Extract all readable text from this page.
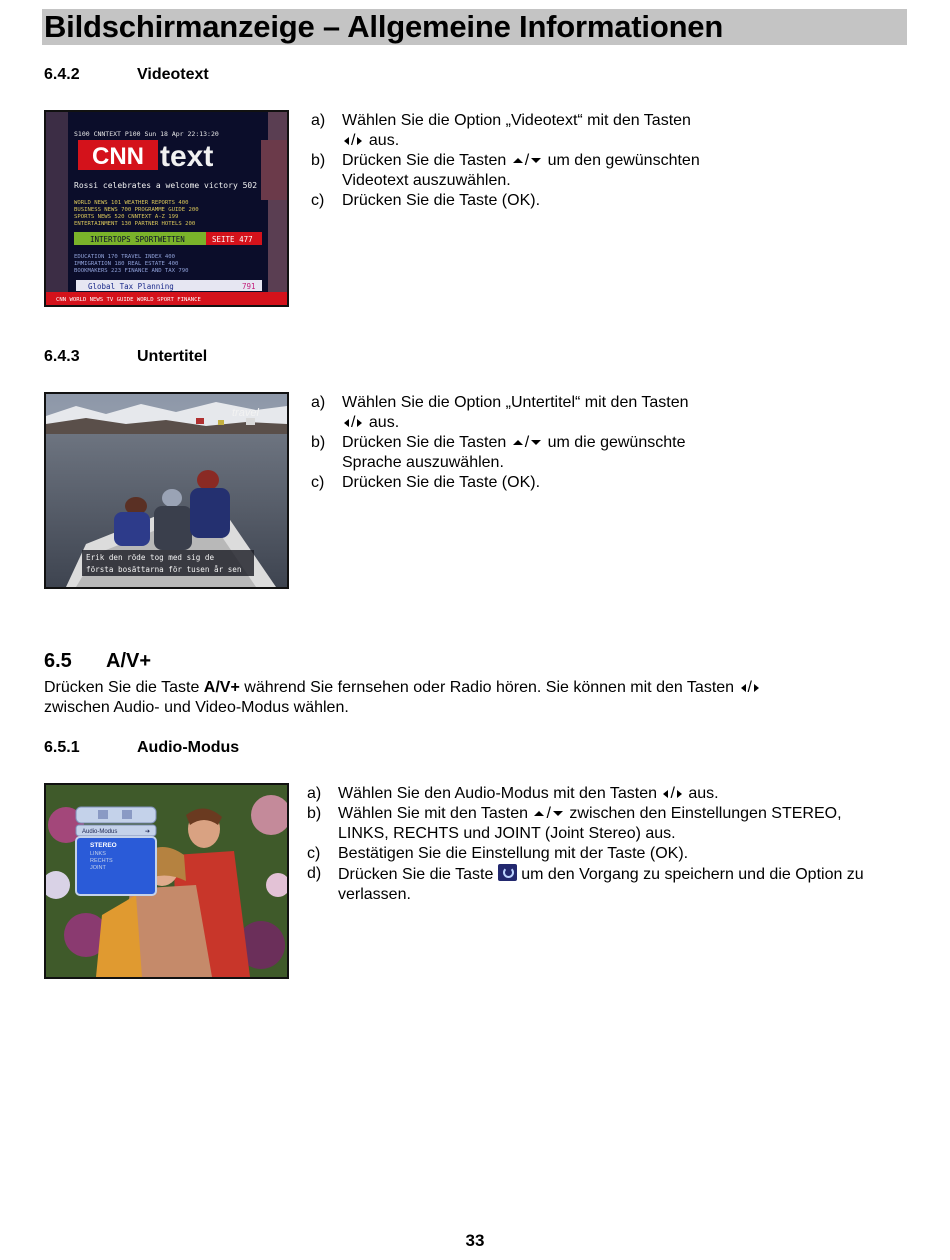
Bildschirmanzeige – Allgemeine Informationen
6.4.2	Videotext
S100 CNNTEXT P100 Sun 18 Apr 22:13:20
CNN text
Rossi celebrates a welcome victory 502
WORLD NEWS 101 WEATHER REPORTS 400
BUSINESS NEWS 700 PROGRAMME GUIDE 200
SPORTS NEWS 520 CNNTEXT A-Z 199
ENTERTAINMENT 130 PARTNER HOTELS 200
INTERTOPS SPORTWETTEN	SEITE 477
EDUCATION 170 TRAVEL INDEX 400
IMMIGRATION 180 REAL ESTATE 400
BOOKMAKERS 223 FINANCE AND TAX 790
Global Tax Planning	791
CNN WORLD NEWS TV GUIDE WORLD SPORT FINANCE
a) Wählen Sie die Option „Videotext“ mit den Tasten
/ aus.
b) Drücken Sie die Tasten / um den gewünschten
Videotext auszuwählen.
c) Drücken Sie die Taste (OK).
6.4.3	Untertitel
travel
Erik den röde tog med sig de
första bosättarna för tusen år sen
a) Wählen Sie die Option „Untertitel“ mit den Tasten
/ aus.
b) Drücken Sie die Tasten / um die gewünschte
Sprache auszuwählen.
c) Drücken Sie die Taste (OK).
6.5 A/V+
Drücken Sie die Taste A/V+ während Sie fernsehen oder Radio hören. Sie können mit den Tasten /
zwischen Audio- und Video-Modus wählen.
6.5.1	Audio-Modus
Audio-Modus	➔
STEREO
LINKS
RECHTS
JOINT
a) Wählen Sie den Audio-Modus mit den Tasten / aus.
b) Wählen Sie mit den Tasten / zwischen den Einstellungen STEREO,
LINKS, RECHTS und JOINT (Joint Stereo) aus.
c) Bestätigen Sie die Einstellung mit der Taste (OK).
d) Drücken Sie die Taste um den Vorgang zu speichern und die Option zu
verlassen.
33
